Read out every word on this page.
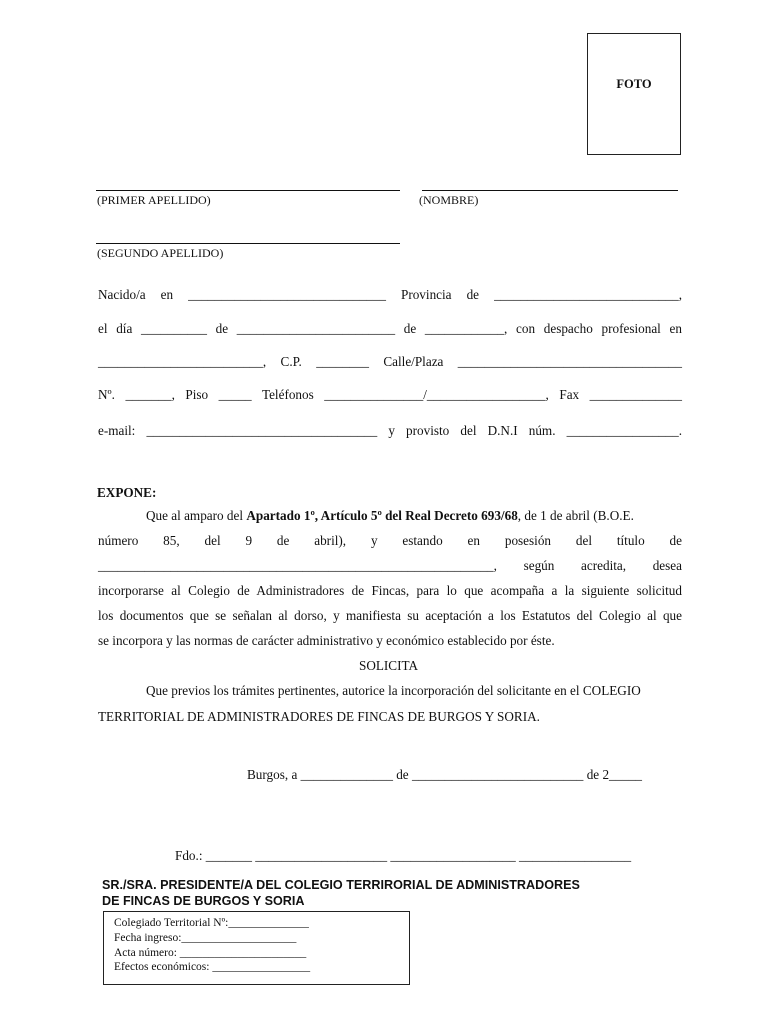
FOTO
(PRIMER APELLIDO)	(NOMBRE)
(SEGUNDO APELLIDO)
Nacido/a en ______________________________ Provincia de ____________________________,
el día __________ de ________________________ de ____________, con despacho profesional en
_________________________, C.P. ________ Calle/Plaza __________________________________
Nº. _______, Piso _____ Teléfonos _______________/__________________, Fax ______________
e-mail: ___________________________________ y provisto del D.N.I núm. _________________.
EXPONE:
Que al amparo del Apartado 1º, Artículo 5º del Real Decreto 693/68, de 1 de abril (B.O.E.
número 85, del 9 de abril), y estando en posesión del título de
____________________________________________________________, según acredita, desea
incorporarse al Colegio de Administradores de Fincas, para lo que acompaña a la siguiente solicitud
los documentos que se señalan al dorso, y manifiesta su aceptación a los Estatutos del Colegio al que
se incorpora y las normas de carácter administrativo y económico establecido por éste.
SOLICITA
Que previos los trámites pertinentes, autorice la incorporación del solicitante en el COLEGIO
TERRITORIAL DE ADMINISTRADORES DE FINCAS DE BURGOS Y SORIA.
Burgos, a ______________ de __________________________ de 2_____
Fdo.: _______ ____________________ ___________________ _________________
SR./SRA. PRESIDENTE/A DEL COLEGIO TERRIRORIAL DE ADMINISTRADORES
DE FINCAS DE BURGOS Y SORIA
Colegiado Territorial Nº:______________
Fecha ingreso:____________________
Acta número: ______________________
Efectos económicos: _________________
